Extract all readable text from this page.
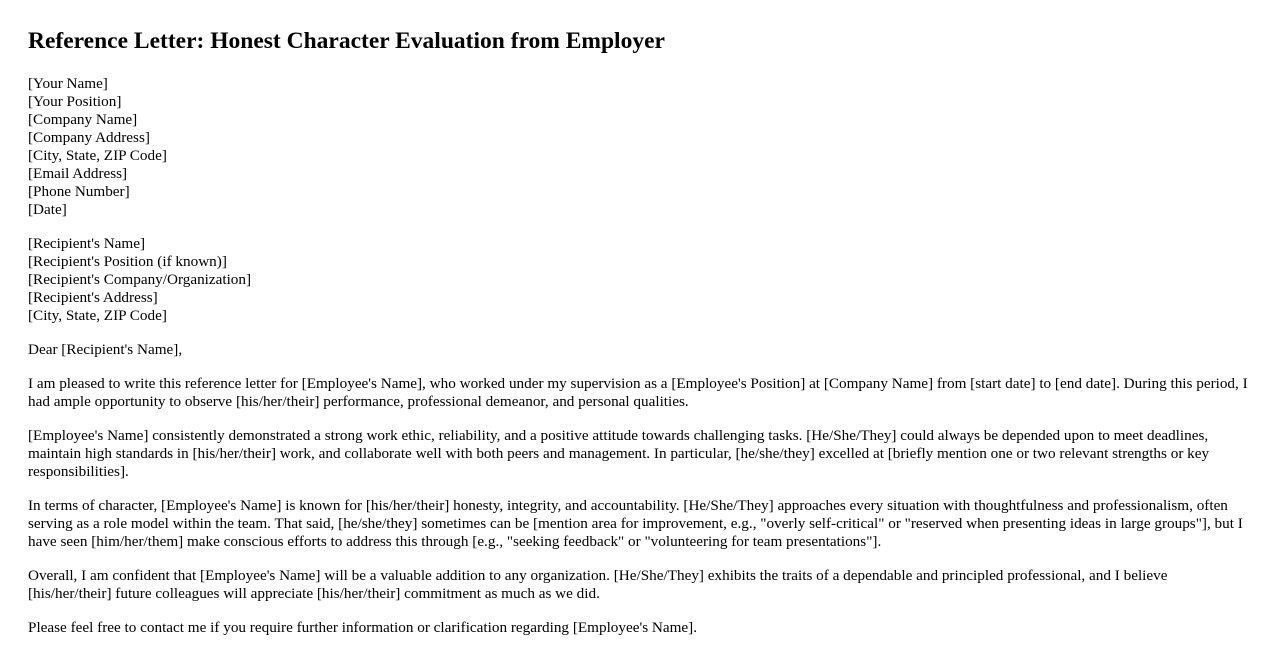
Reference Letter: Honest Character Evaluation from Employer
[Your Name]
[Your Position]
[Company Name]
[Company Address]
[City, State, ZIP Code]
[Email Address]
[Phone Number]
[Date]
[Recipient's Name]
[Recipient's Position (if known)]
[Recipient's Company/Organization]
[Recipient's Address]
[City, State, ZIP Code]
Dear [Recipient's Name],

I am pleased to write this reference letter for [Employee's Name], who worked under my supervision as a [Employee's Position] at [Company Name] from [start date] to [end date]. During this period, I had ample opportunity to observe [his/her/their] performance, professional demeanor, and personal qualities.

[Employee's Name] consistently demonstrated a strong work ethic, reliability, and a positive attitude towards challenging tasks. [He/She/They] could always be depended upon to meet deadlines, maintain high standards in [his/her/their] work, and collaborate well with both peers and management. In particular, [he/she/they] excelled at [briefly mention one or two relevant strengths or key responsibilities].

In terms of character, [Employee's Name] is known for [his/her/their] honesty, integrity, and accountability. [He/She/They] approaches every situation with thoughtfulness and professionalism, often serving as a role model within the team. That said, [he/she/they] sometimes can be [mention area for improvement, e.g., "overly self-critical" or "reserved when presenting ideas in large groups"], but I have seen [him/her/them] make conscious efforts to address this through [e.g., "seeking feedback" or "volunteering for team presentations"].

Overall, I am confident that [Employee's Name] will be a valuable addition to any organization. [He/She/They] exhibits the traits of a dependable and principled professional, and I believe [his/her/their] future colleagues will appreciate [his/her/their] commitment as much as we did.

Please feel free to contact me if you require further information or clarification regarding [Employee's Name].
